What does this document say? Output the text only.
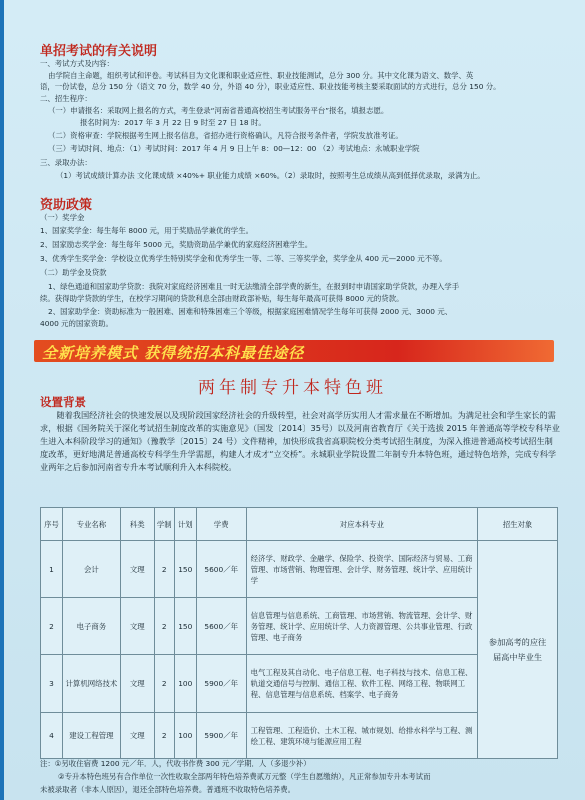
单招考试的有关说明
一、考试方式及内容：
由学院自主命题，组织考试和评卷。考试科目为文化课和职业适应性、职业技能测试，总分 300 分。其中文化课为语文、数学、英
语，一份试卷，总分 150 分（语文 70 分，数学 40 分，外语 40 分），职业适应性、职业技能考核主要采取面试的方式进行，总分 150 分。
二、招生程序：
（一）申请报名：采取网上报名的方式，考生登录“河南省普通高校招生考试服务平台”报名，填报志愿。
报名时间为：2017 年 3 月 22 日 9 时至 27 日 18 时。
（二）资格审查：学院根据考生网上报名信息，省招办进行资格确认，凡符合报考条件者，学院发放准考证。
（三）考试时间、地点：（1）考试时间：2017 年 4 月 9 日上午 8：00—12：00 （2）考试地点：永城职业学院
三、录取办法：
（1）考试成绩计算办法 文化课成绩 ×40%+ 职业能力成绩 ×60%。（2）录取时，按照考生总成绩从高到低择优录取，录满为止。
资助政策
（一）奖学金
1、国家奖学金：每生每年 8000 元，用于奖励品学兼优的学生。
2、国家励志奖学金：每生每年 5000 元，奖励资助品学兼优的家庭经济困难学生。
3、优秀学生奖学金：学校设立优秀学生特别奖学金和优秀学生一等、二等、三等奖学金，奖学金从 400 元—2000 元不等。
（二）助学金及贷款
1、绿色通道和国家助学贷款：我院对家庭经济困难且一时无法缴清全部学费的新生，在报到时申请国家助学贷款，办理入学手
续。获得助学贷款的学生，在校学习期间的贷款利息全部由财政部补贴，每生每年最高可获得 8000 元的贷款。
2、国家助学金：资助标准为一般困难、困难和特殊困难三个等级，根据家庭困难情况学生每年可获得 2000 元、3000 元、
4000 元的国家资助。
全新培养模式 获得统招本科最佳途径
两年制专升本特色班
设置背景
随着我国经济社会的快速发展以及现阶段国家经济社会的升级转型，社会对高学历实用人才需求量在不断增加。为满足社会和学生家长的需求，根据《国务院关于深化考试招生制度改革的实施意见》（国发〔2014〕35号）以及河南省教育厅《关于选拔 2015 年普通高等学校专科毕业生进入本科阶段学习的通知》（豫教学〔2015〕24 号）文件精神，加快形成我省高职院校分类考试招生制度，为深入推进普通高校考试招生制度改革，更好地满足普通高校专科学生升学需愿，构建人才成才“立交桥”。永城职业学院设置二年制专升本特色班，通过特色培养，完成专科学业两年之后参加河南省专升本考试顺利升入本科院校。
序号	专业名称	科类	学制	计划	学费	对应本科专业	招生对象
1	会计	文理	2	150	5600／年	经济学、财政学、金融学、保险学、投资学、国际经济与贸易、工商管理、市场营销、物理管理、会计学、财务管理、统计学、应用统计学	参加高考的应往届高中毕业生
2	电子商务	文理	2	150	5600／年	信息管理与信息系统、工商管理、市场营销、物流管理、会计学、财务管理、统计学、应用统计学、人力资源管理、公共事业管理、行政管理、电子商务	
3	计算机网络技术	文理	2	100	5900／年	电气工程及其自动化、电子信息工程、电子科技与技术、信息工程、轨道交通信号与控制、通信工程、软件工程、网络工程、物联网工程、信息管理与信息系统、档案学、电子商务	
4	建设工程管理	文理	2	100	5900／年	工程管理、工程造价、土木工程、城市规划、给排水科学与工程、测绘工程、建筑环境与能源应用工程	
注：①另收住宿费 1200 元／年．人，代收书作费 300 元／学期．人（多退少补）
②专升本特色班另有合作单位一次性收取全部两年特色培养费贰万元整（学生自愿缴纳），凡正常参加专升本考试而
未被录取者（非本人原因），退还全部特色培养费。普通班不收取特色培养费。
